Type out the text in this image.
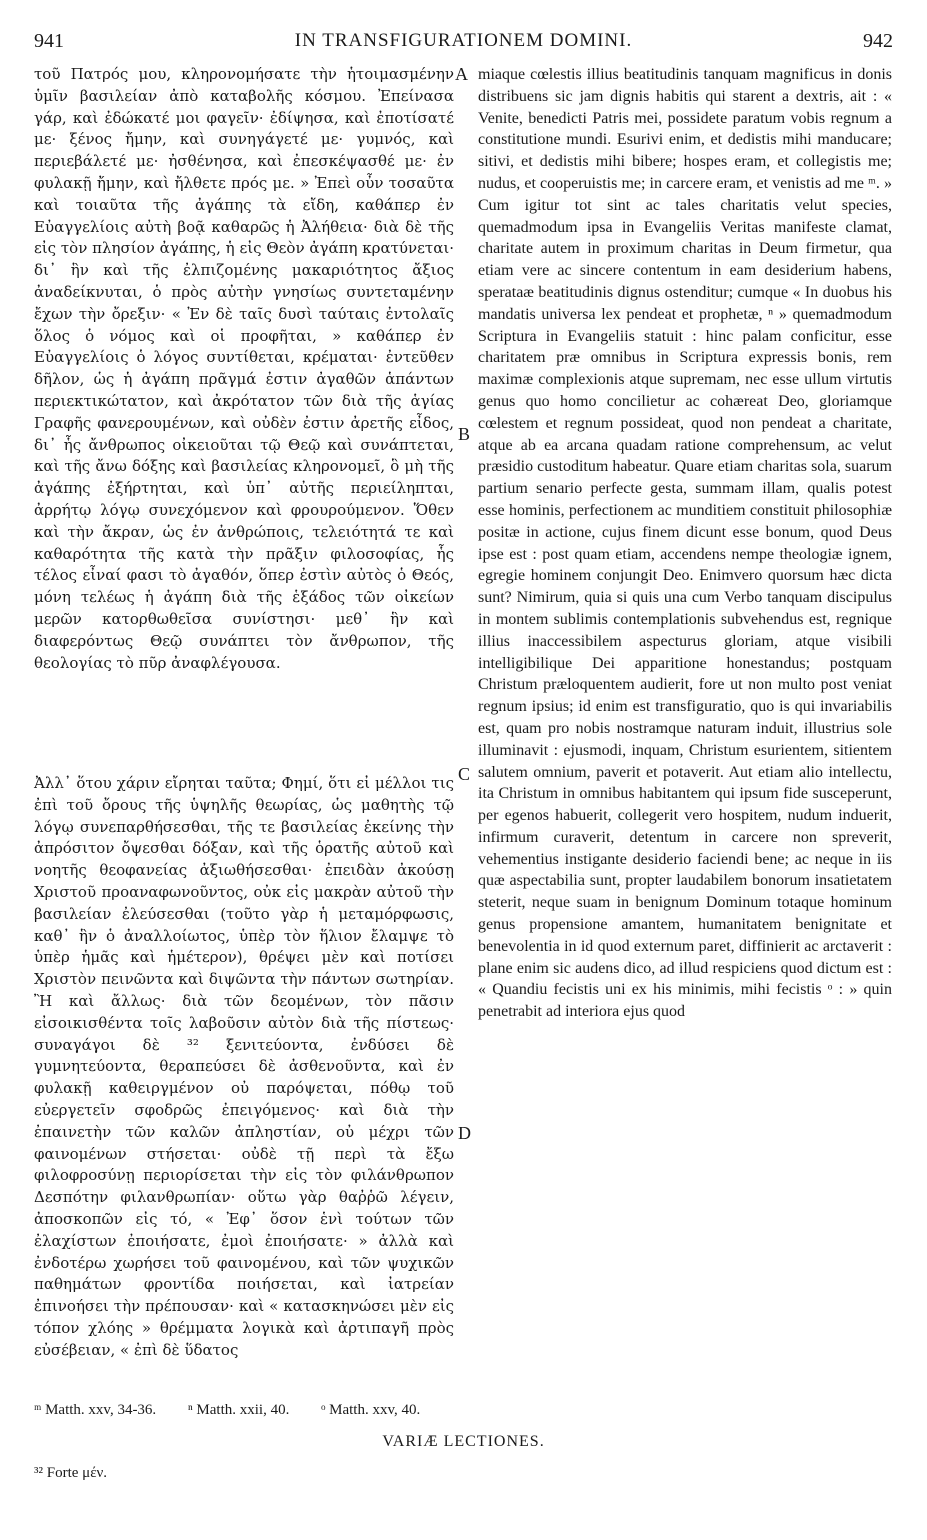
941	IN TRANSFIGURATIONEM DOMINI.	942
τοῦ Πατρός μου, κληρονομήσατε τὴν ἡτοιμασμένην ὑμῖν βασιλείαν ἀπὸ καταβολῆς κόσμου. Ἐπείνασα γάρ, καὶ ἐδώκατέ μοι φαγεῖν· ἐδίψησα, καὶ ἐποτίσατέ με· ξένος ἤμην, καὶ συνηγάγετέ με· γυμνός, καὶ περιεβάλετέ με· ἠσθένησα, καὶ ἐπεσκέψασθέ με· ἐν φυλακῇ ἤμην, καὶ ἤλθετε πρός με. » Ἐπεὶ οὖν τοσαῦτα καὶ τοιαῦτα τῆς ἀγάπης τὰ εἴδη, καθάπερ ἐν Εὐαγγελίοις αὐτὴ βοᾷ καθαρῶς ἡ Ἀλήθεια· διὰ δὲ τῆς εἰς τὸν πλησίον ἀγάπης, ἡ εἰς Θεὸν ἀγάπη κρατύνεται· δι᾽ ἣν καὶ τῆς ἐλπιζομένης μακαριότητος ἄξιος ἀναδείκνυται, ὁ πρὸς αὐτὴν γνησίως συντεταμένην ἔχων τὴν ὄρεξιν· « Ἐν δὲ ταῖς δυσὶ ταύταις ἐντολαῖς ὅλος ὁ νόμος καὶ οἱ προφῆται, » καθάπερ ἐν Εὐαγγελίοις ὁ λόγος συντίθεται, κρέμαται· ἐντεῦθεν δῆλον, ὡς ἡ ἀγάπη πρᾶγμά ἐστιν ἀγαθῶν ἁπάντων περιεκτικώτατον, καὶ ἀκρότατον τῶν διὰ τῆς ἁγίας Γραφῆς φανερουμένων, καὶ οὐδὲν ἐστιν ἀρετῆς εἶδος, δι᾽ ἧς ἄνθρωπος οἰκειοῦται τῷ Θεῷ καὶ συνάπτεται, καὶ τῆς ἄνω δόξης καὶ βασιλείας κληρονομεῖ, ὃ μὴ τῆς ἀγάπης ἐξήρτηται, καὶ ὑπ᾽ αὐτῆς περιείληπται, ἀρρήτῳ λόγῳ συνεχόμενον καὶ φρουρούμενον. Ὅθεν καὶ τὴν ἄκραν, ὡς ἐν ἀνθρώποις, τελειότητά τε καὶ καθαρότητα τῆς κατὰ τὴν πρᾶξιν φιλοσοφίας, ἧς τέλος εἶναί φασι τὸ ἀγαθόν, ὅπερ ἐστὶν αὐτὸς ὁ Θεός, μόνη τελέως ἡ ἀγάπη διὰ τῆς ἑξάδος τῶν οἰκείων μερῶν κατορθωθεῖσα συνίστησι· μεθ᾽ ἣν καὶ διαφερόντως Θεῷ συνάπτει τὸν ἄνθρωπον, τῆς θεολογίας τὸ πῦρ ἀναφλέγουσα.
Ἀλλ᾽ ὅτου χάριν εἴρηται ταῦτα; Φημί, ὅτι εἰ μέλλοι τις ἐπὶ τοῦ ὄρους τῆς ὑψηλῆς θεωρίας, ὡς μαθητὴς τῷ λόγῳ συνεπαρθήσεσθαι, τῆς τε βασιλείας ἐκείνης τὴν ἀπρόσιτον ὄψεσθαι δόξαν, καὶ τῆς ὁρατῆς αὐτοῦ καὶ νοητῆς θεοφανείας ἀξιωθήσεσθαι· ἐπειδὰν ἀκούσῃ Χριστοῦ προαναφωνοῦντος, οὐκ εἰς μακρὰν αὐτοῦ τὴν βασιλείαν ἐλεύσεσθαι (τοῦτο γὰρ ἡ μεταμόρφωσις, καθ᾽ ἣν ὁ ἀναλλοίωτος, ὑπὲρ τὸν ἥλιον ἔλαμψε τὸ ὑπὲρ ἡμᾶς καὶ ἡμέτερον), θρέψει μὲν καὶ ποτίσει Χριστὸν πεινῶντα καὶ διψῶντα τὴν πάντων σωτηρίαν. Ἢ καὶ ἄλλως· διὰ τῶν δεομένων, τὸν πᾶσιν εἰσοικισθέντα τοῖς λαβοῦσιν αὐτὸν διὰ τῆς πίστεως· συναγάγοι δὲ ³² ξενιτεύοντα, ἐνδύσει δὲ γυμνητεύοντα, θεραπεύσει δὲ ἀσθενοῦντα, καὶ ἐν φυλακῇ καθειργμένον οὐ παρόψεται, πόθῳ τοῦ εὐεργετεῖν σφοδρῶς ἐπειγόμενος· καὶ διὰ τὴν ἐπαινετὴν τῶν καλῶν ἀπληστίαν, οὐ μέχρι τῶν φαινομένων στήσεται· οὐδὲ τῇ περὶ τὰ ἔξω φιλοφροσύνῃ περιορίσεται τὴν εἰς τὸν φιλάνθρωπον Δεσπότην φιλανθρωπίαν· οὕτω γὰρ θαῤῥῶ λέγειν, ἀποσκοπῶν εἰς τό, « Ἐφ᾽ ὅσον ἑνὶ τούτων τῶν ἐλαχίστων ἐποιήσατε, ἐμοὶ ἐποιήσατε· » ἀλλὰ καὶ ἐνδοτέρω χωρήσει τοῦ φαινομένου, καὶ τῶν ψυχικῶν παθημάτων φροντίδα ποιήσεται, καὶ ἰατρείαν ἐπινοήσει τὴν πρέπουσαν· καὶ « κατασκηνώσει μὲν εἰς τόπον χλόης » θρέμματα λογικὰ καὶ ἀρτιπαγῆ πρὸς εὐσέβειαν, « ἐπὶ δὲ ὕδατος
miaque cœlestis illius beatitudinis tanquam magnificus in donis distribuens sic jam dignis habitis qui starent a dextris, ait : « Venite, benedicti Patris mei, possidete paratum vobis regnum a constitutione mundi. Esurivi enim, et dedistis mihi manducare; sitivi, et dedistis mihi bibere; hospes eram, et collegistis me; nudus, et cooperuistis me; in carcere eram, et venistis ad me ᵐ. » Cum igitur tot sint ac tales charitatis velut species, quemadmodum ipsa in Evangeliis Veritas manifeste clamat, charitate autem in proximum charitas in Deum firmetur, qua etiam vere ac sincere contentum in eam desiderium habens, sperataæ beatitudinis dignus ostenditur; cumque « In duobus his mandatis universa lex pendeat et prophetæ, ⁿ » quemadmodum Scriptura in Evangeliis statuit : hinc palam conficitur, esse charitatem præ omnibus in Scriptura expressis bonis, rem maximæ complexionis atque supremam, nec esse ullum virtutis genus quo homo concilietur ac cohæreat Deo, gloriamque cœlestem et regnum possideat, quod non pendeat a charitate, atque ab ea arcana quadam ratione comprehensum, ac velut præsidio custoditum habeatur. Quare etiam charitas sola, suarum partium senario perfecte gesta, summam illam, qualis potest esse hominis, perfectionem ac munditiem constituit philosophiæ positæ in actione, cujus finem dicunt esse bonum, quod Deus ipse est : post quam etiam, accendens nempe theologiæ ignem, egregie hominem conjungit Deo. Enimvero quorsum hæc dicta sunt? Nimirum, quia si quis una cum Verbo tanquam discipulus in montem sublimis contemplationis subvehendus est, regnique illius inaccessibilem aspecturus gloriam, atque visibili intelligibilique Dei apparitione honestandus; postquam Christum præloquentem audierit, fore ut non multo post veniat regnum ipsius; id enim est transfiguratio, quo is qui invariabilis est, quam pro nobis nostramque naturam induit, illustrius sole illuminavit : ejusmodi, inquam, Christum esurientem, sitientem salutem omnium, paverit et potaverit. Aut etiam alio intellectu, ita Christum in omnibus habitantem qui ipsum fide susceperunt, per egenos habuerit, collegerit vero hospitem, nudum induerit, infirmum curaverit, detentum in carcere non spreverit, vehementius instigante desiderio faciendi bene; ac neque in iis quæ aspectabilia sunt, propter laudabilem bonorum insatietatem steterit, neque suam in benignum Dominum totaque hominum genus propensione amantem, humanitatem benignitate et benevolentia in id quod externum paret, diffinierit ac arctaverit : plane enim sic audens dico, ad illud respiciens quod dictum est : « Quandiu fecistis uni ex his minimis, mihi fecistis ᵒ : » quin penetrabit ad interiora ejus quod
A
B
C
D
ᵐ Matth. xxv, 34-36. ⁿ Matth. xxii, 40. ᵒ Matth. xxv, 40.
VARIÆ LECTIONES.
³² Forte μέν.
